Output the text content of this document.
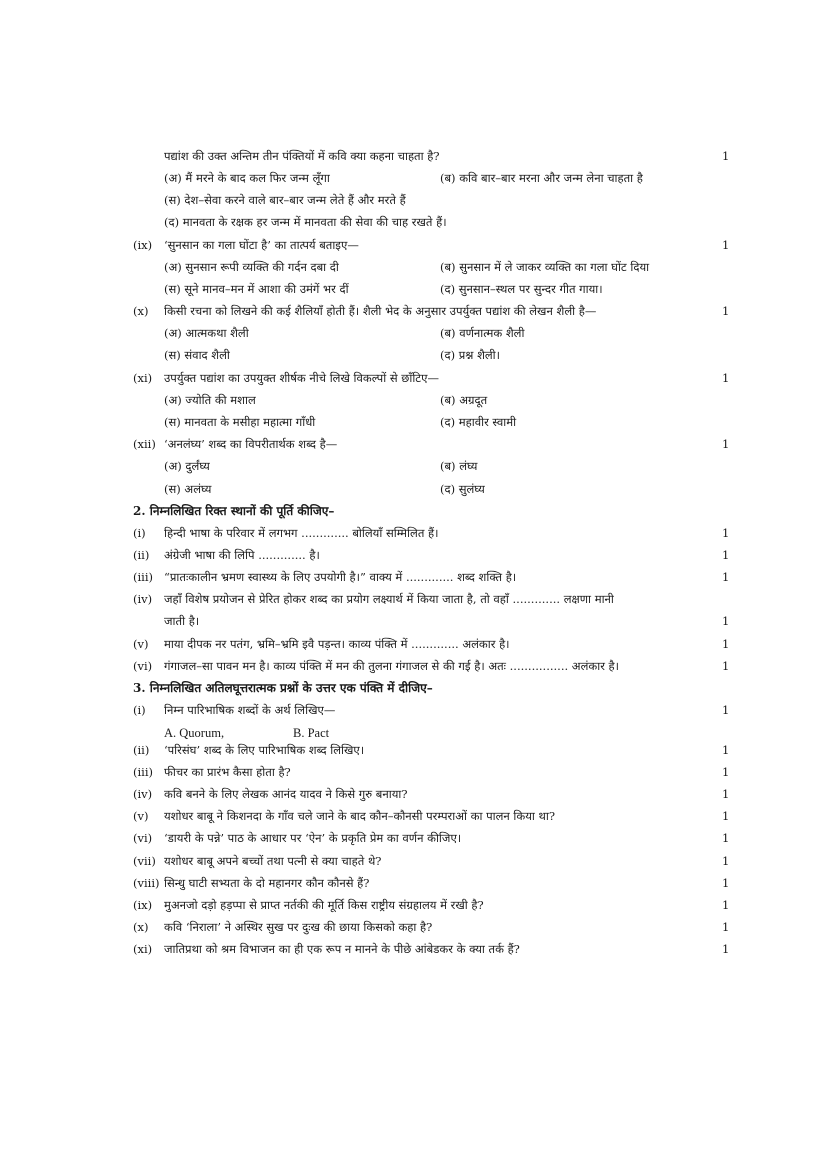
पद्यांश की उक्त अन्तिम तीन पंक्तियों में कवि क्या कहना चाहता है?	1
(अ) मैं मरने के बाद कल फिर जन्म लूँगा	(ब) कवि बार–बार मरना और जन्म लेना चाहता है
(स) देश–सेवा करने वाले बार–बार जन्म लेते हैं और मरते हैं
(द) मानवता के रक्षक हर जन्म में मानवता की सेवा की चाह रखते हैं।
(ix) ‘सुनसान का गला घोंटा है’ का तात्पर्य बताइए—	1
(अ) सुनसान रूपी व्यक्ति की गर्दन दबा दी	(ब) सुनसान में ले जाकर व्यक्ति का गला घोंट दिया
(स) सूने मानव–मन में आशा की उमंगें भर दीं	(द) सुनसान–स्थल पर सुन्दर गीत गाया।
(x) किसी रचना को लिखने की कई शैलियाँ होती हैं। शैली भेद के अनुसार उपर्युक्त पद्यांश की लेखन शैली है—	1
(अ) आत्मकथा शैली	(ब) वर्णनात्मक शैली
(स) संवाद शैली	(द) प्रश्न शैली।
(xi) उपर्युक्त पद्यांश का उपयुक्त शीर्षक नीचे लिखे विकल्पों से छाँटिए—	1
(अ) ज्योति की मशाल	(ब) अग्रदूत
(स) मानवता के मसीहा महात्मा गाँधी	(द) महावीर स्वामी
(xii) ‘अनलंघ्य’ शब्द का विपरीतार्थक शब्द है—	1
(अ) दुर्लंघ्य	(ब) लंघ्य
(स) अलंघ्य	(द) सुलंघ्य
2. निम्नलिखित रिक्त स्थानों की पूर्ति कीजिए–
(i) हिन्दी भाषा के परिवार में लगभग ............. बोलियाँ सम्मिलित हैं।	1
(ii) अंग्रेजी भाषा की लिपि ............. है।	1
(iii) “प्रातःकालीन भ्रमण स्वास्थ्य के लिए उपयोगी है।” वाक्य में ............. शब्द शक्ति है।	1
(iv) जहाँ विशेष प्रयोजन से प्रेरित होकर शब्द का प्रयोग लक्ष्यार्थ में किया जाता है, तो वहाँ ............. लक्षणा मानी
जाती है।	1
(v) माया दीपक नर पतंग, भ्रमि–भ्रमि इवै पड़न्त। काव्य पंक्ति में ............. अलंकार है।	1
(vi) गंगाजल–सा पावन मन है। काव्य पंक्ति में मन की तुलना गंगाजल से की गई है। अतः ................ अलंकार है।	1
3. निम्नलिखित अतिलघूत्तरात्मक प्रश्नों के उत्तर एक पंक्ति में दीजिए–
(i) निम्न पारिभाषिक शब्दों के अर्थ लिखिए—	1
A. Quorum,	B. Pact
(ii) ‘परिसंघ’ शब्द के लिए पारिभाषिक शब्द लिखिए।	1
(iii) फीचर का प्रारंभ कैसा होता है?	1
(iv) कवि बनने के लिए लेखक आनंद यादव ने किसे गुरु बनाया?	1
(v) यशोधर बाबू ने किशनदा के गाँव चले जाने के बाद कौन–कौनसी परम्पराओं का पालन किया था?	1
(vi) ‘डायरी के पन्ने’ पाठ के आधार पर ‘ऐन’ के प्रकृति प्रेम का वर्णन कीजिए।	1
(vii) यशोधर बाबू अपने बच्चों तथा पत्नी से क्या चाहते थे?	1
(viii) सिन्धु घाटी सभ्यता के दो महानगर कौन कौनसे हैं?	1
(ix) मुअनजो दड़ो हड़प्पा से प्राप्त नर्तकी की मूर्ति किस राष्ट्रीय संग्रहालय में रखी है?	1
(x) कवि ‘निराला’ ने अस्थिर सुख पर दुःख की छाया किसको कहा है?	1
(xi) जातिप्रथा को श्रम विभाजन का ही एक रूप न मानने के पीछे आंबेडकर के क्या तर्क हैं?	1
